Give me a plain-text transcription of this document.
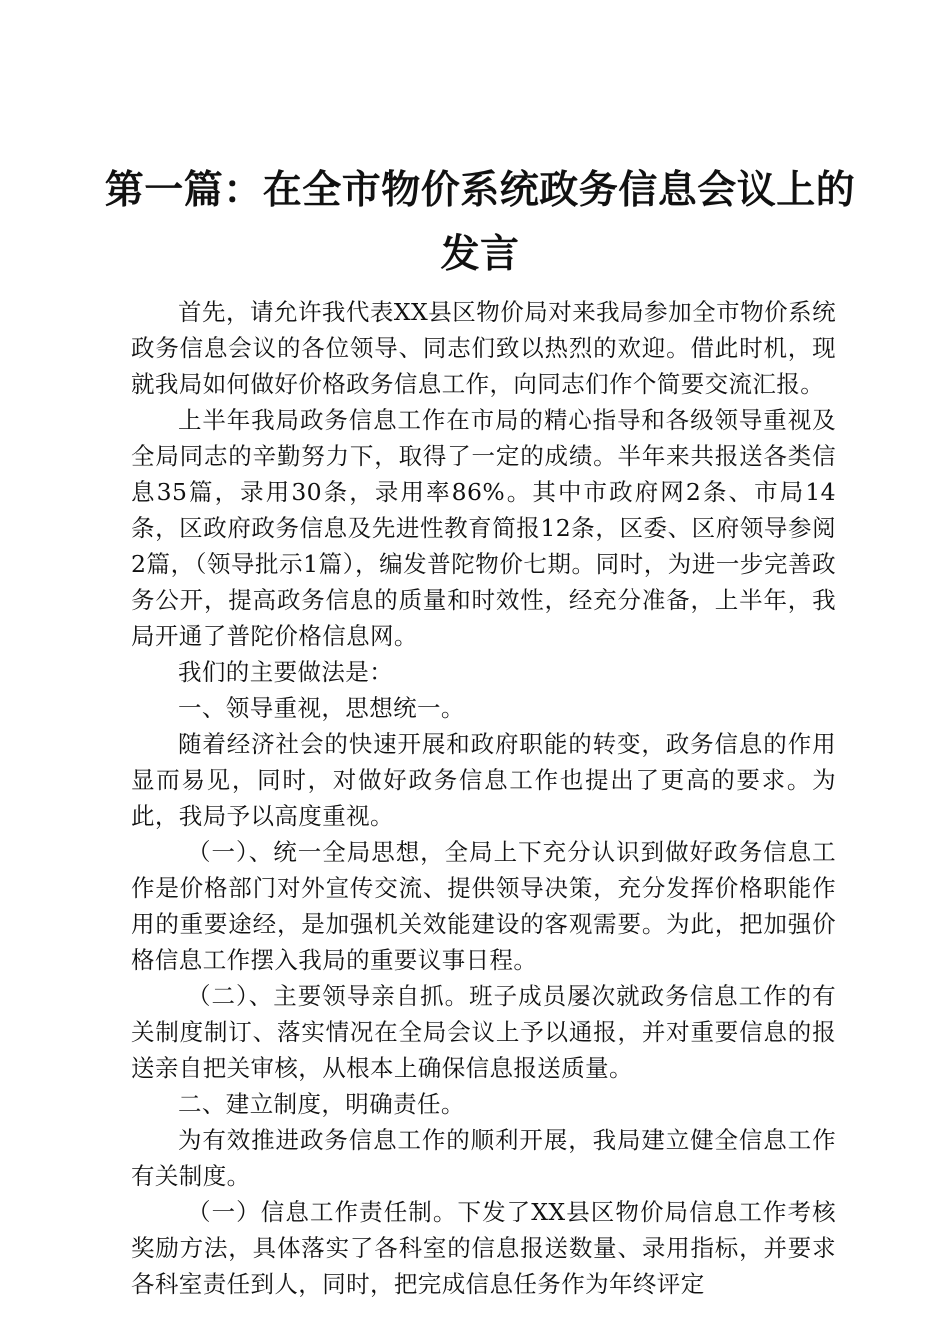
第一篇：在全市物价系统政务信息会议上的发言

首先，请允许我代表XX县区物价局对来我局参加全市物价系统政务信息会议的各位领导、同志们致以热烈的欢迎。借此时机，现就我局如何做好价格政务信息工作，向同志们作个简要交流汇报。

上半年我局政务信息工作在市局的精心指导和各级领导重视及全局同志的辛勤努力下，取得了一定的成绩。半年来共报送各类信息35篇，录用30条，录用率86%。其中市政府网2条、市局14条，区政府政务信息及先进性教育简报12条，区委、区府领导参阅2篇，（领导批示1篇），编发普陀物价七期。同时，为进一步完善政务公开，提高政务信息的质量和时效性，经充分准备，上半年，我局开通了普陀价格信息网。

我们的主要做法是：

一、领导重视，思想统一。

随着经济社会的快速开展和政府职能的转变，政务信息的作用显而易见，同时，对做好政务信息工作也提出了更高的要求。为此，我局予以高度重视。

（一）、统一全局思想，全局上下充分认识到做好政务信息工作是价格部门对外宣传交流、提供领导决策，充分发挥价格职能作用的重要途经，是加强机关效能建设的客观需要。为此，把加强价格信息工作摆入我局的重要议事日程。

（二）、主要领导亲自抓。班子成员屡次就政务信息工作的有关制度制订、落实情况在全局会议上予以通报，并对重要信息的报送亲自把关审核，从根本上确保信息报送质量。

二、建立制度，明确责任。

为有效推进政务信息工作的顺利开展，我局建立健全信息工作有关制度。

（一）信息工作责任制。下发了XX县区物价局信息工作考核奖励方法，具体落实了各科室的信息报送数量、录用指标，并要求各科室责任到人，同时，把完成信息任务作为年终评定
